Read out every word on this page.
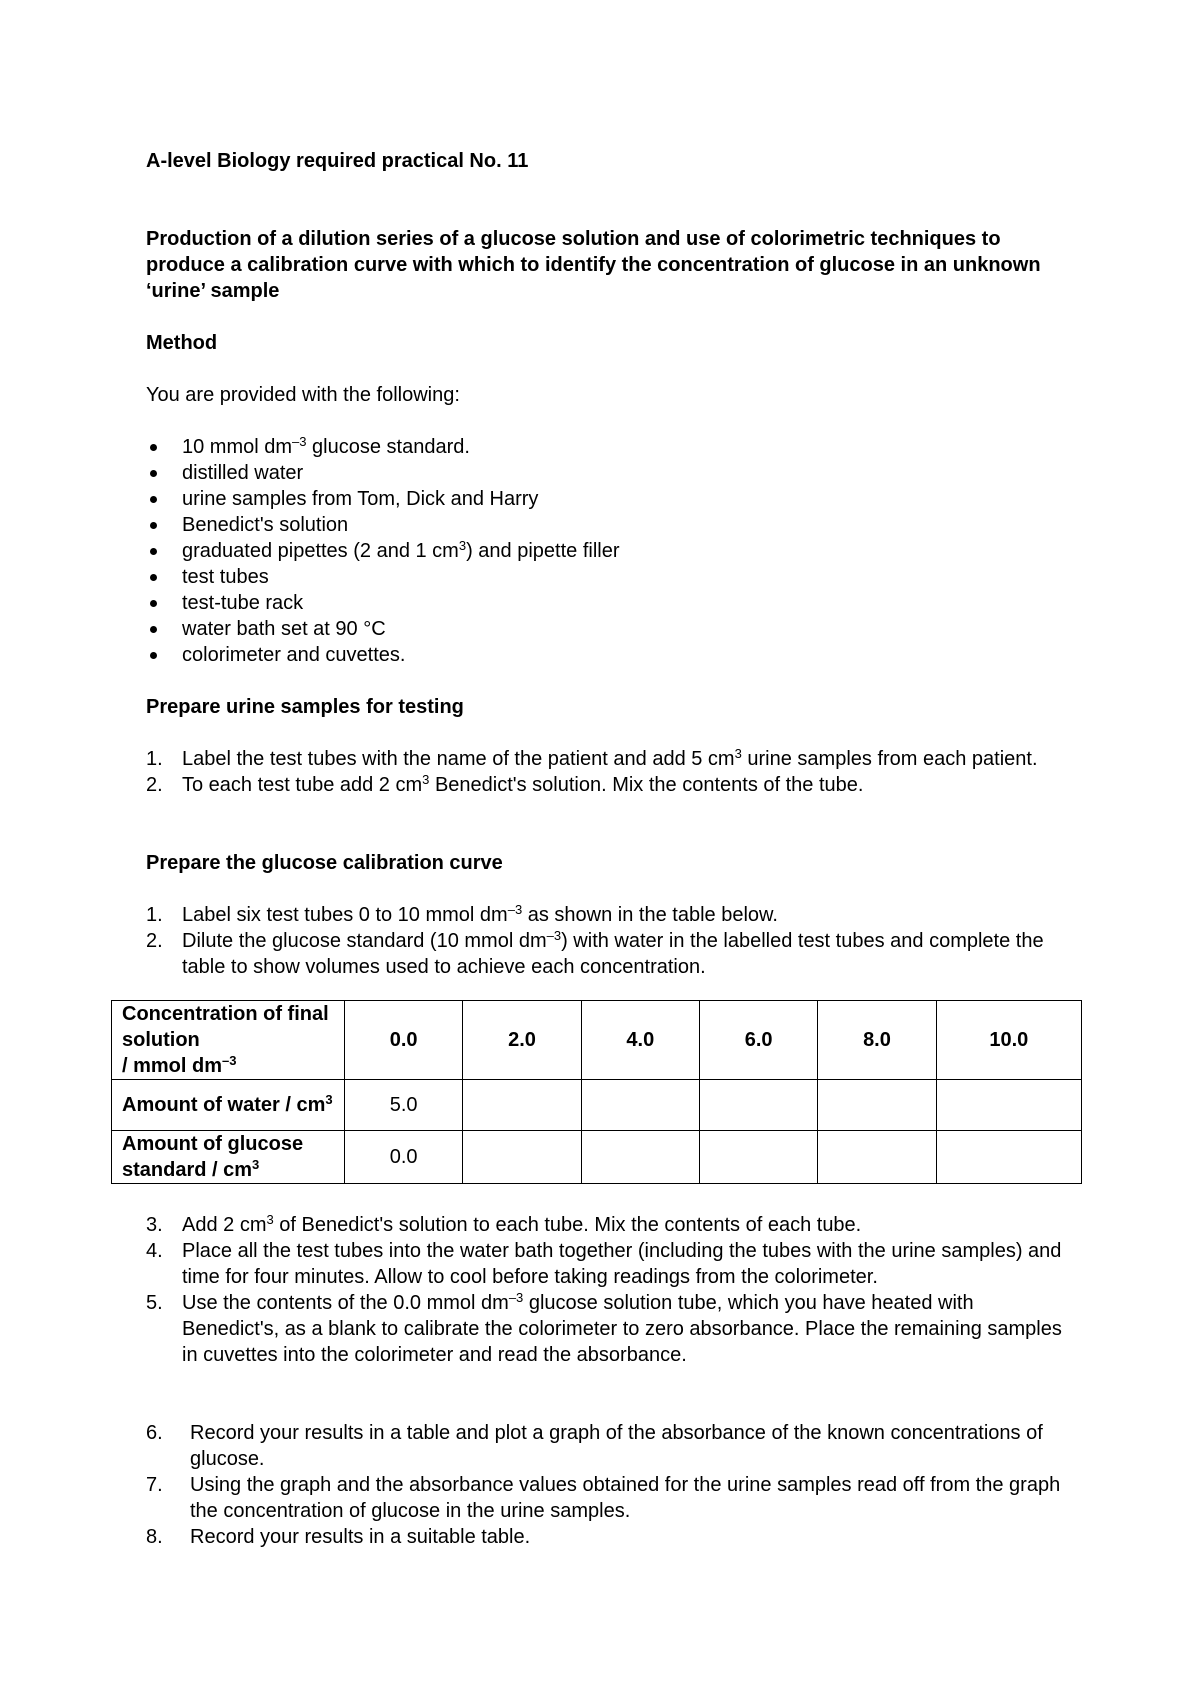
A-level Biology required practical No. 11
Production of a dilution series of a glucose solution and use of colorimetric techniques to produce a calibration curve with which to identify the concentration of glucose in an unknown ‘urine’ sample
Method
You are provided with the following:
10 mmol $dm^{-3}$ glucose standard.
distilled water
urine samples from Tom, Dick and Harry
Benedict's solution
graduated pipettes (2 and 1 $cm^3$) and pipette filler
test tubes
test-tube rack
water bath set at 90 °C
colorimeter and cuvettes.
Prepare urine samples for testing
1. Label the test tubes with the name of the patient and add 5 $cm^3$ urine samples from each patient.
2. To each test tube add 2 $cm^3$ Benedict's solution. Mix the contents of the tube.
Prepare the glucose calibration curve
1. Label six test tubes 0 to 10 mmol $dm^{-3}$ as shown in the table below.
2. Dilute the glucose standard (10 mmol $dm^{-3}$) with water in the labelled test tubes and complete the table to show volumes used to achieve each concentration.
Concentration of final solution
/ mmol $dm^{-3}$	0.0	2.0	4.0	6.0	8.0	10.0
Amount of water / $cm^3$	5.0					
Amount of glucose standard / $cm^3$	0.0					
3. Add 2 $cm^3$ of Benedict's solution to each tube. Mix the contents of each tube.
4. Place all the test tubes into the water bath together (including the tubes with the urine samples) and time for four minutes. Allow to cool before taking readings from the colorimeter.
5. Use the contents of the 0.0 mmol $dm^{-3}$ glucose solution tube, which you have heated with Benedict's, as a blank to calibrate the colorimeter to zero absorbance. Place the remaining samples in cuvettes into the colorimeter and read the absorbance.
6. Record your results in a table and plot a graph of the absorbance of the known concentrations of glucose.
7. Using the graph and the absorbance values obtained for the urine samples read off from the graph the concentration of glucose in the urine samples.
8. Record your results in a suitable table.
